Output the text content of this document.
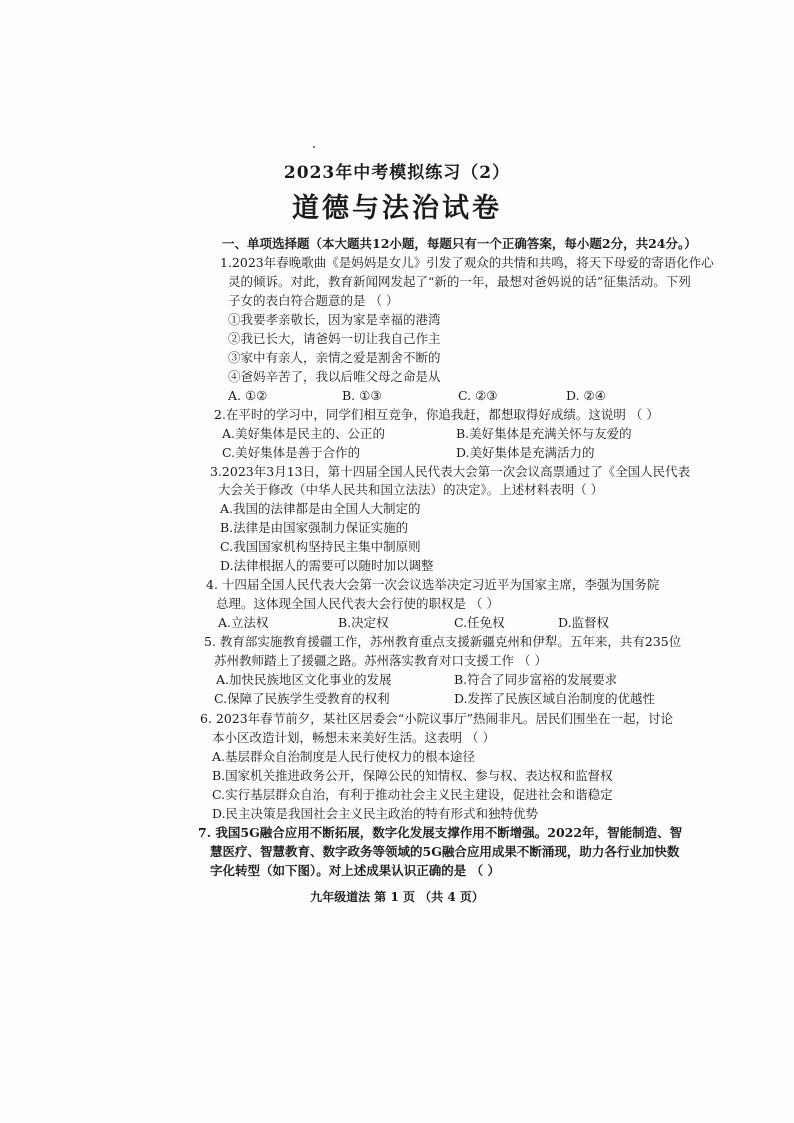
2023年中考模拟练习（2）
道德与法治试卷
一、单项选择题（本大题共12小题，每题只有一个正确答案，每小题2分，共24分。）
1.2023年春晚歌曲《是妈妈是女儿》引发了观众的共情和共鸣，将天下母爱的寄语化作心
灵的倾诉。对此，教育新闻网发起了“新的一年，最想对爸妈说的话”征集活动。下列
子女的表白符合题意的是 （ ）
①我要孝亲敬长，因为家是幸福的港湾
②我已长大，请爸妈一切让我自己作主
③家中有亲人，亲情之爱是割舍不断的
④爸妈辛苦了，我以后唯父母之命是从
A. ①②	B. ①③	C. ②③	D. ②④
2.在平时的学习中，同学们相互竞争，你追我赶，都想取得好成绩。这说明 （ ）
A.美好集体是民主的、公正的	B.美好集体是充满关怀与友爱的
C.美好集体是善于合作的	D.美好集体是充满活力的
3.2023年3月13日，第十四届全国人民代表大会第一次会议高票通过了《全国人民代表
大会关于修改（中华人民共和国立法法）的决定》。上述材料表明（ ）
A.我国的法律都是由全国人大制定的
B.法律是由国家强制力保证实施的
C.我国国家机构坚持民主集中制原则
D.法律根据人的需要可以随时加以调整
4. 十四届全国人民代表大会第一次会议选举决定习近平为国家主席，李强为国务院
总理。这体现全国人民代表大会行使的职权是 （ ）
A.立法权	B.决定权	C.任免权	D.监督权
5. 教育部实施教育援疆工作，苏州教育重点支援新疆克州和伊犁。五年来，共有235位
苏州教师踏上了援疆之路。苏州落实教育对口支援工作 （ ）
A.加快民族地区文化事业的发展	B.符合了同步富裕的发展要求
C.保障了民族学生受教育的权利	D.发挥了民族区域自治制度的优越性
6. 2023年春节前夕，某社区居委会“小院议事厅”热闹非凡。居民们围坐在一起，讨论
本小区改造计划，畅想未来美好生活。这表明 （ ）
A.基层群众自治制度是人民行使权力的根本途径
B.国家机关推进政务公开，保障公民的知情权、参与权、表达权和监督权
C.实行基层群众自治，有利于推动社会主义民主建设，促进社会和谐稳定
D.民主决策是我国社会主义民主政治的特有形式和独特优势
7. 我国5G融合应用不断拓展，数字化发展支撑作用不断增强。2022年，智能制造、智
慧医疗、智慧教育、数字政务等领域的5G融合应用成果不断涌现，助力各行业加快数
字化转型（如下图）。对上述成果认识正确的是 （ ）
九年级道法 第 1 页 （共 4 页）
